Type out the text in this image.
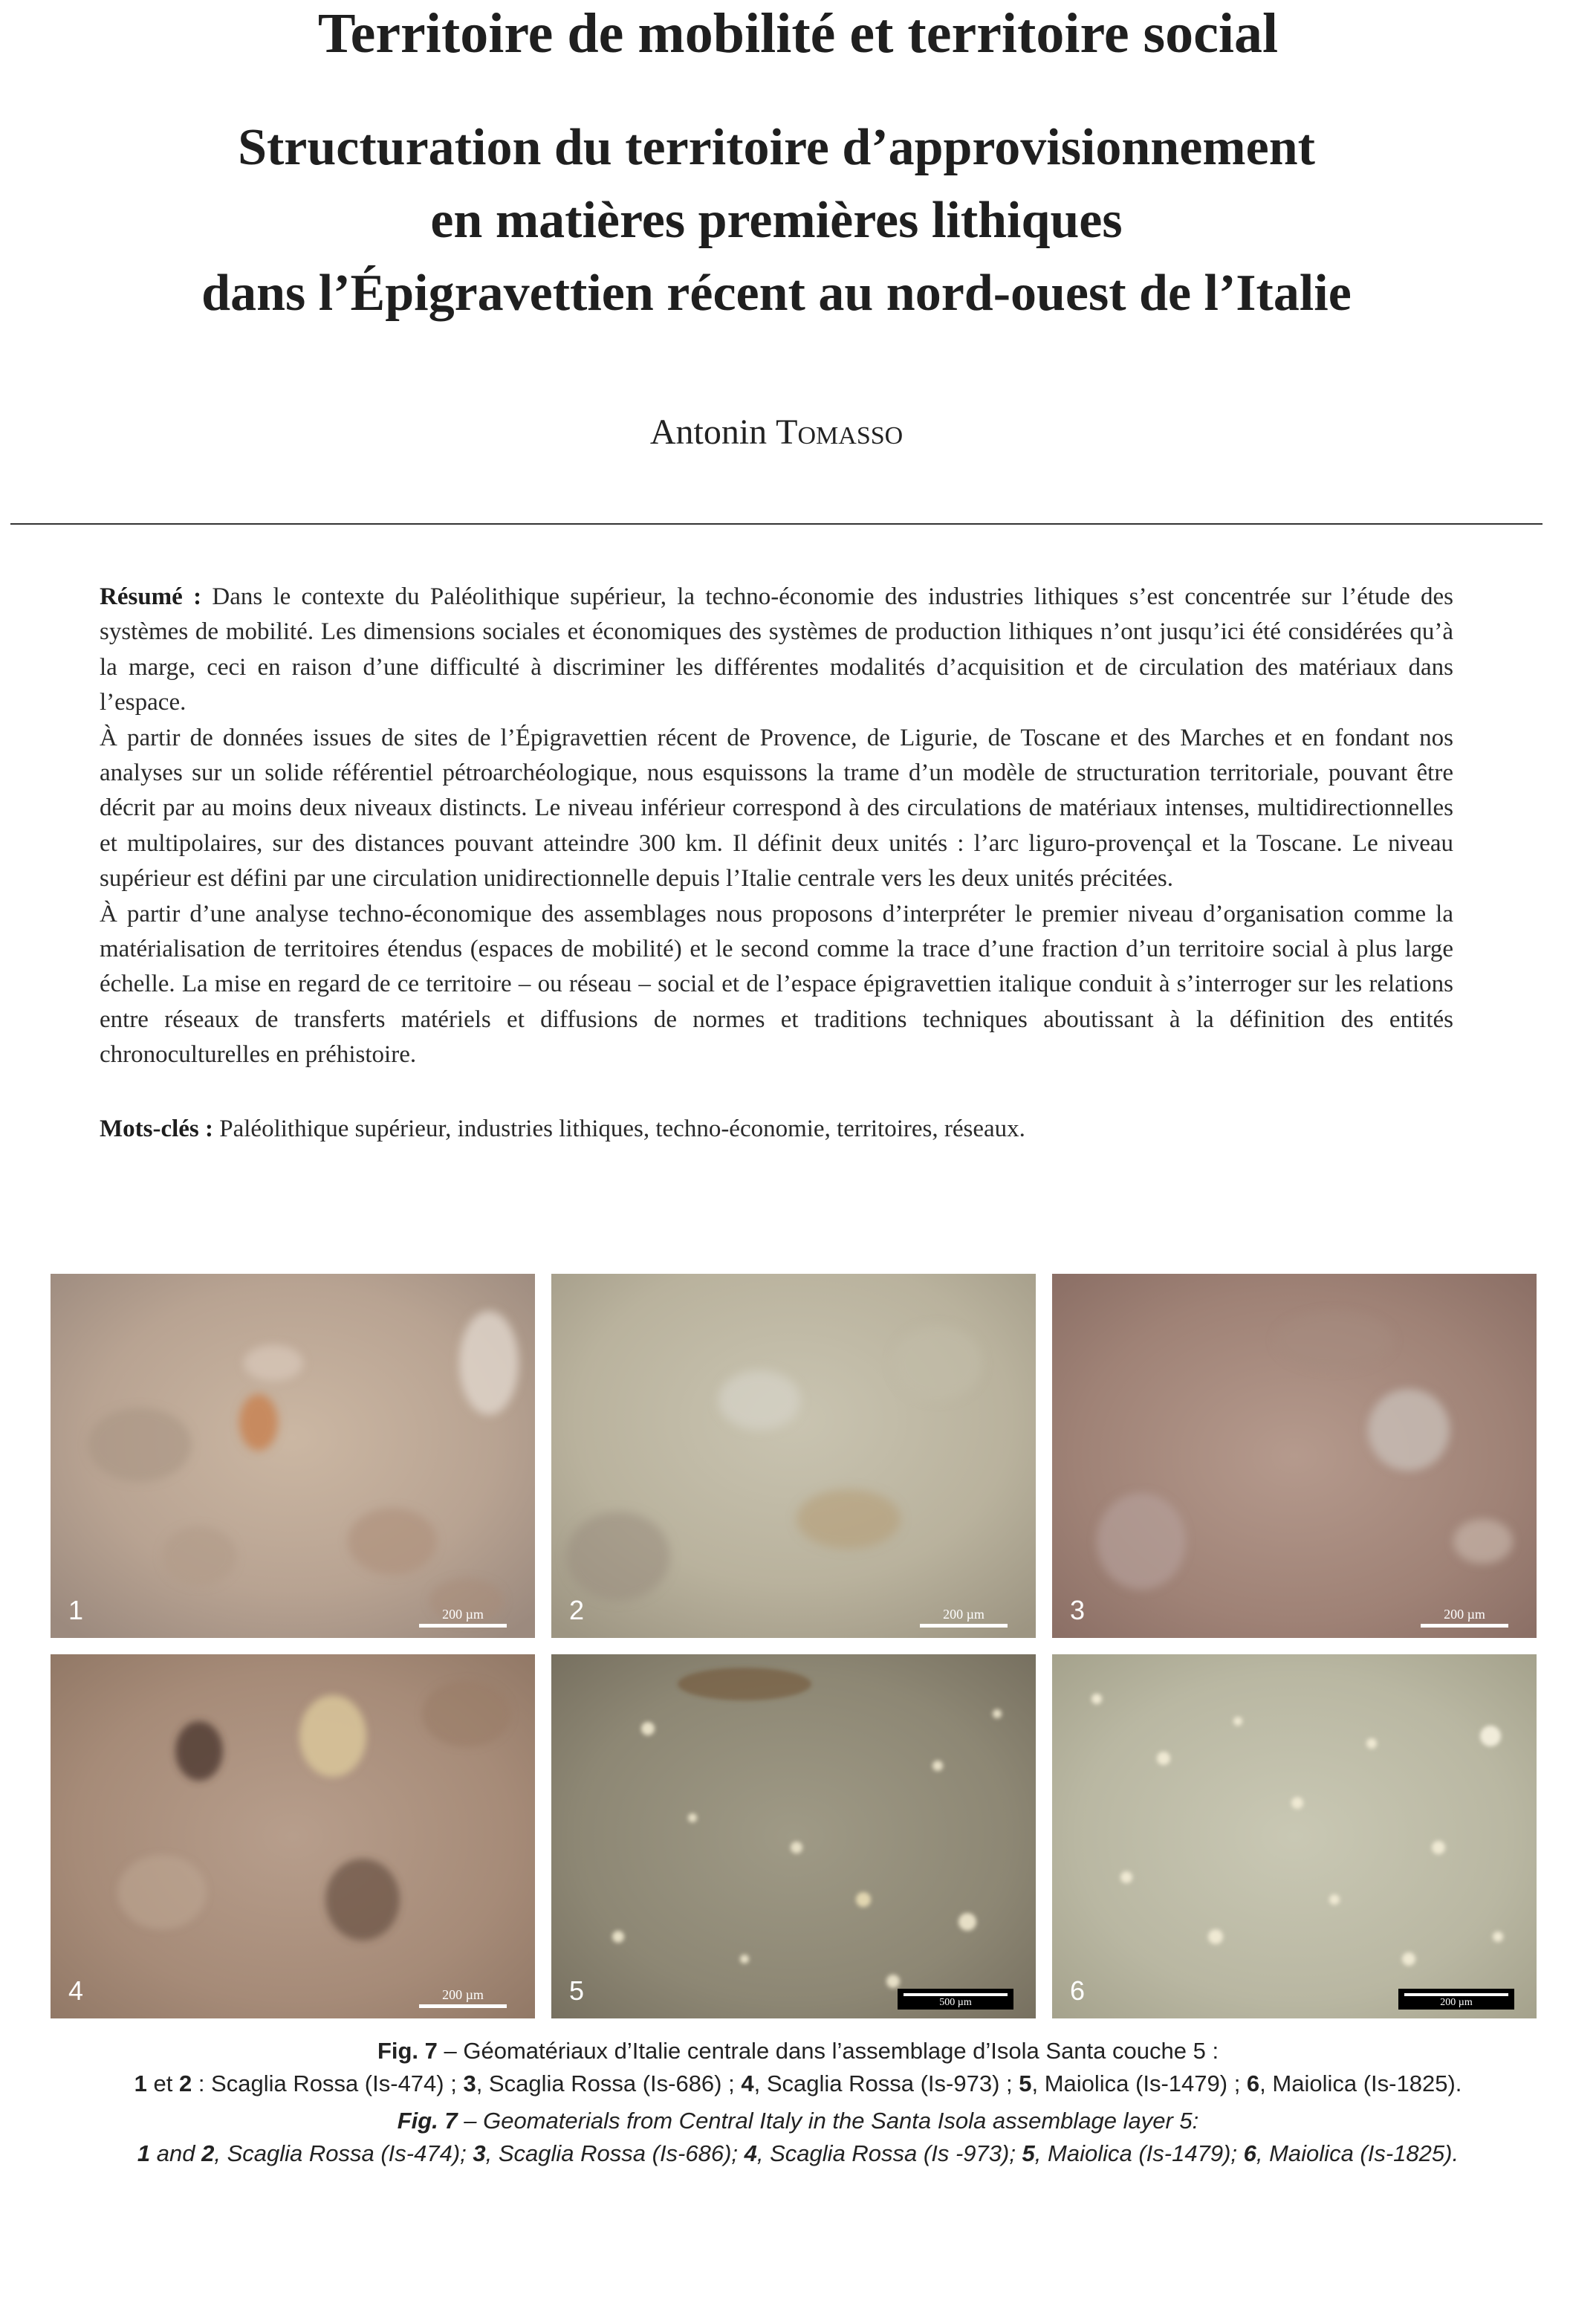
Territoire de mobilité et territoire social
Structuration du territoire d’approvisionnement
en matières premières lithiques
dans l’Épigravettien récent au nord-ouest de l’Italie
Antonin Tomasso

Résumé : Dans le contexte du Paléolithique supérieur, la techno-économie des industries lithiques s’est concentrée sur l’étude des systèmes de mobilité. Les dimensions sociales et économiques des systèmes de production lithiques n’ont jusqu’ici été considérées qu’à la marge, ceci en raison d’une difficulté à discriminer les différentes modalités d’acquisition et de circulation des matériaux dans l’espace.

À partir de données issues de sites de l’Épigravettien récent de Provence, de Ligurie, de Toscane et des Marches et en fondant nos analyses sur un solide référentiel pétroarchéologique, nous esquissons la trame d’un modèle de structuration territoriale, pouvant être décrit par au moins deux niveaux distincts. Le niveau inférieur correspond à des circulations de matériaux intenses, multidirectionnelles et multipolaires, sur des distances pouvant atteindre 300 km. Il définit deux unités : l’arc liguro-provençal et la Toscane. Le niveau supérieur est défini par une circulation unidirectionnelle depuis l’Italie centrale vers les deux unités précitées.

À partir d’une analyse techno-économique des assemblages nous proposons d’interpréter le premier niveau d’organisation comme la matérialisation de territoires étendus (espaces de mobilité) et le second comme la trace d’une fraction d’un territoire social à plus large échelle. La mise en regard de ce territoire – ou réseau – social et de l’espace épigravettien italique conduit à s’interroger sur les relations entre réseaux de transferts matériels et diffusions de normes et traditions techniques aboutissant à la définition des entités chronoculturelles en préhistoire.

Mots-clés : Paléolithique supérieur, industries lithiques, techno-économie, territoires, réseaux.

1	200 µm	2	200 µm	3	200 µm
4	200 µm	5	500 µm	6	200 µm

Fig. 7 – Géomatériaux d’Italie centrale dans l’assemblage d’Isola Santa couche 5 :

1 et 2 : Scaglia Rossa (Is-474) ; 3, Scaglia Rossa (Is-686) ; 4, Scaglia Rossa (Is-973) ; 5, Maiolica (Is-1479) ; 6, Maiolica (Is-1825).

Fig. 7 – Geomaterials from Central Italy in the Santa Isola assemblage layer 5:

1 and 2, Scaglia Rossa (Is-474); 3, Scaglia Rossa (Is-686); 4, Scaglia Rossa (Is -973); 5, Maiolica (Is-1479); 6, Maiolica (Is-1825).
